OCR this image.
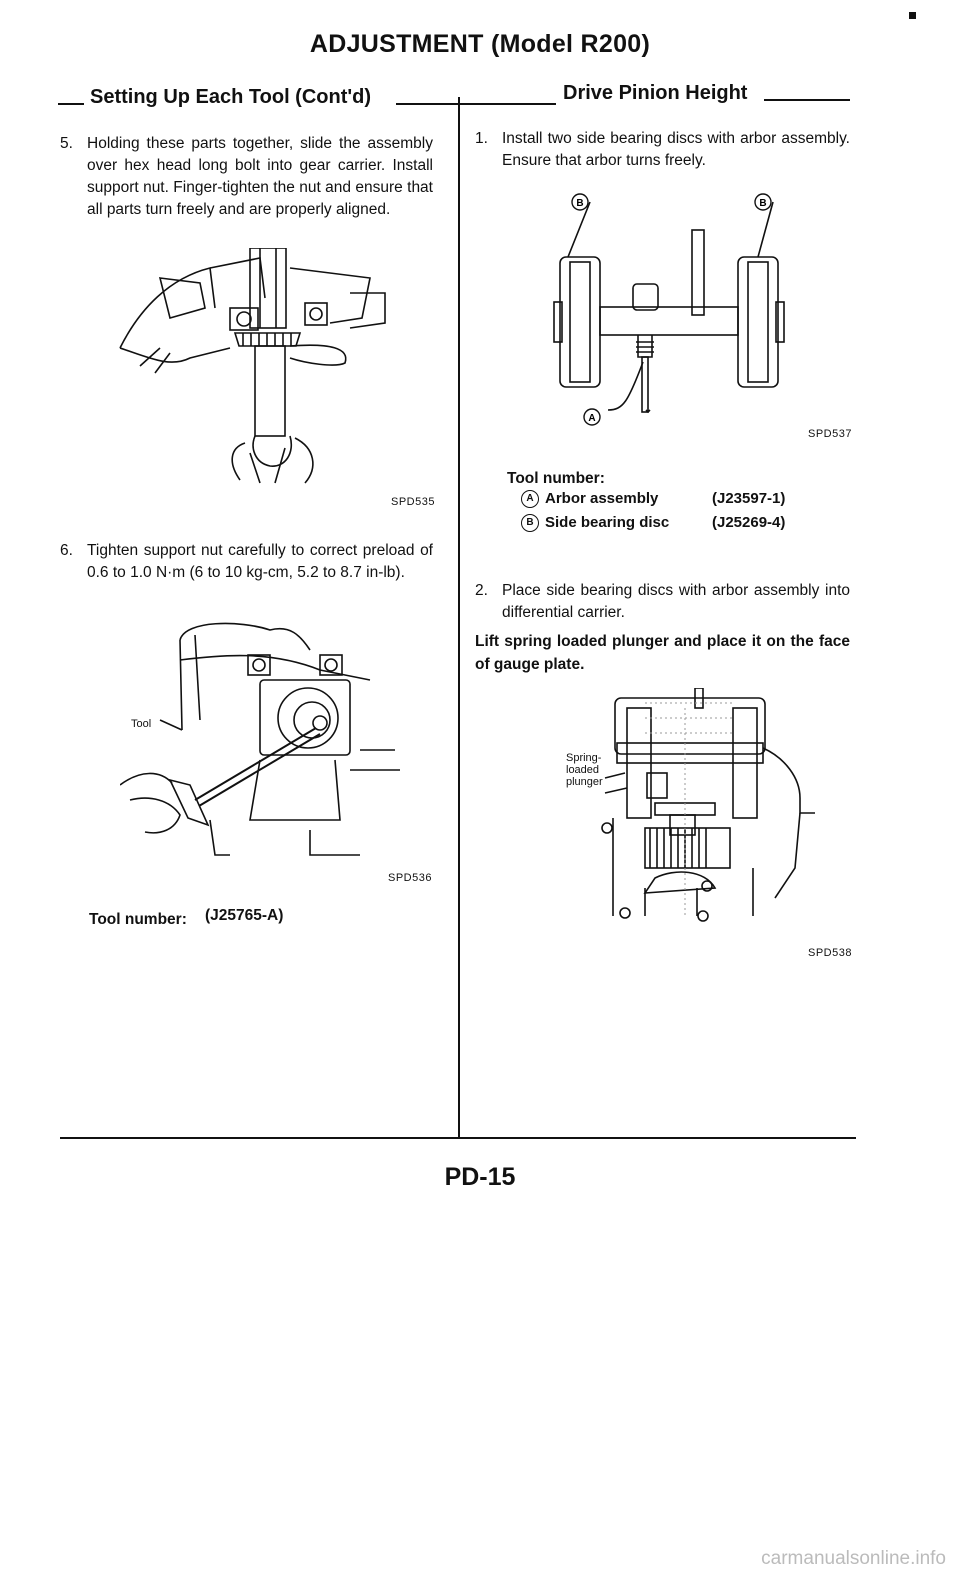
ADJUSTMENT (Model R200)
Setting Up Each Tool (Cont'd)	Drive Pinion Height
5. Holding these parts together, slide the assembly over hex head long bolt into gear carrier. Install support nut. Finger-tighten the nut and ensure that all parts turn freely and are properly aligned.
SPD535
6. Tighten support nut carefully to correct preload of 0.6 to 1.0 N·m (6 to 10 kg-cm, 5.2 to 8.7 in-lb).
Tool
SPD536
Tool number: (J25765-A)
1. Install two side bearing discs with arbor assembly. Ensure that arbor turns freely.
B	B
A
SPD537
Tool number:
A Arbor assembly	(J23597-1)
B Side bearing disc	(J25269-4)
2. Place side bearing discs with arbor assembly into differential carrier.
Lift spring loaded plunger and place it on the face of gauge plate.
Spring-
loaded
plunger
SPD538
PD-15
carmanualsonline.info
